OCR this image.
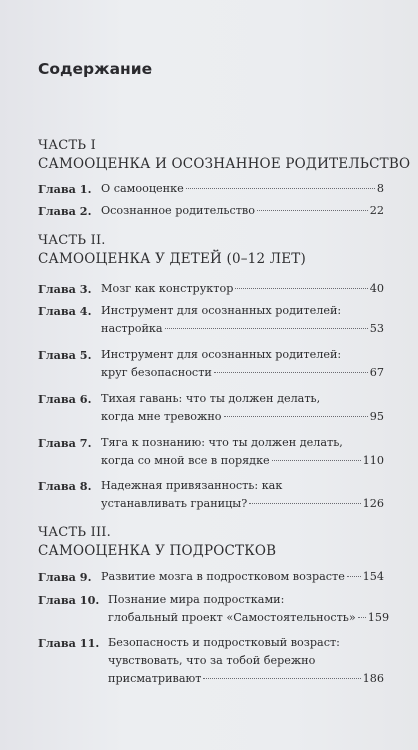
Содержание
ЧАСТЬ I
САМООЦЕНКА И ОСОЗНАННОЕ РОДИТЕЛЬСТВО
Глава 1. О самооценке	8
Глава 2. Осознанное родительство	22
ЧАСТЬ II.
САМООЦЕНКА У ДЕТЕЙ (0–12 ЛЕТ)
Глава 3. Мозг как конструктор	40
Глава 4. Инструмент для осознанных родителей:
настройка	53
Глава 5. Инструмент для осознанных родителей:
круг безопасности	67
Глава 6. Тихая гавань: что ты должен делать,
когда мне тревожно	95
Глава 7. Тяга к познанию: что ты должен делать,
когда со мной все в порядке	110
Глава 8. Надежная привязанность: как
устанавливать границы?	126
ЧАСТЬ III.
САМООЦЕНКА У ПОДРОСТКОВ
Глава 9. Развитие мозга в подростковом возрасте 154
Глава 10. Познание мира подростками:
глобальный проект «Самостоятельность» 159
Глава 11. Безопасность и подростковый возраст:
чувствовать, что за тобой бережно
присматривают	186
